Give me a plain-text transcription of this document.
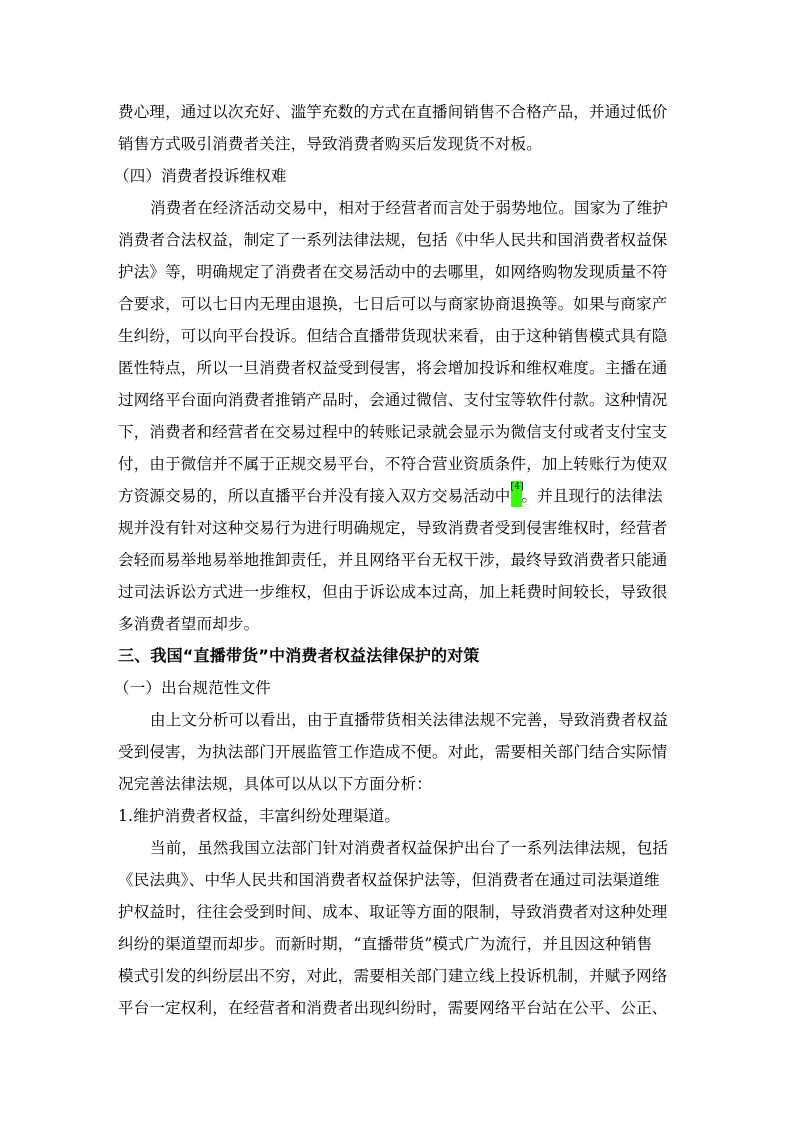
费心理，通过以次充好、滥竽充数的方式在直播间销售不合格产品，并通过低价
销售方式吸引消费者关注，导致消费者购买后发现货不对板。
（四）消费者投诉维权难
消费者在经济活动交易中，相对于经营者而言处于弱势地位。国家为了维护
消费者合法权益，制定了一系列法律法规，包括《中华人民共和国消费者权益保
护法》等，明确规定了消费者在交易活动中的去哪里，如网络购物发现质量不符
合要求，可以七日内无理由退换，七日后可以与商家协商退换等。如果与商家产
生纠纷，可以向平台投诉。但结合直播带货现状来看，由于这种销售模式具有隐
匿性特点，所以一旦消费者权益受到侵害，将会增加投诉和维权难度。主播在通
过网络平台面向消费者推销产品时，会通过微信、支付宝等软件付款。这种情况
下，消费者和经营者在交易过程中的转账记录就会显示为微信支付或者支付宝支
付，由于微信并不属于正规交易平台，不符合营业资质条件，加上转账行为使双
方资源交易的，所以直播平台并没有接入双方交易活动中[4]。并且现行的法律法
规并没有针对这种交易行为进行明确规定，导致消费者受到侵害维权时，经营者
会轻而易举地易举地推卸责任，并且网络平台无权干涉，最终导致消费者只能通
过司法诉讼方式进一步维权，但由于诉讼成本过高，加上耗费时间较长，导致很
多消费者望而却步。
三、我国“直播带货”中消费者权益法律保护的对策
（一）出台规范性文件
由上文分析可以看出，由于直播带货相关法律法规不完善，导致消费者权益
受到侵害，为执法部门开展监管工作造成不便。对此，需要相关部门结合实际情
况完善法律法规，具体可以从以下方面分析：
1.维护消费者权益，丰富纠纷处理渠道。
当前，虽然我国立法部门针对消费者权益保护出台了一系列法律法规，包括
《民法典》、中华人民共和国消费者权益保护法等，但消费者在通过司法渠道维
护权益时，往往会受到时间、成本、取证等方面的限制，导致消费者对这种处理
纠纷的渠道望而却步。而新时期，“直播带货”模式广为流行，并且因这种销售
模式引发的纠纷层出不穷，对此，需要相关部门建立线上投诉机制，并赋予网络
平台一定权利，在经营者和消费者出现纠纷时，需要网络平台站在公平、公正、
